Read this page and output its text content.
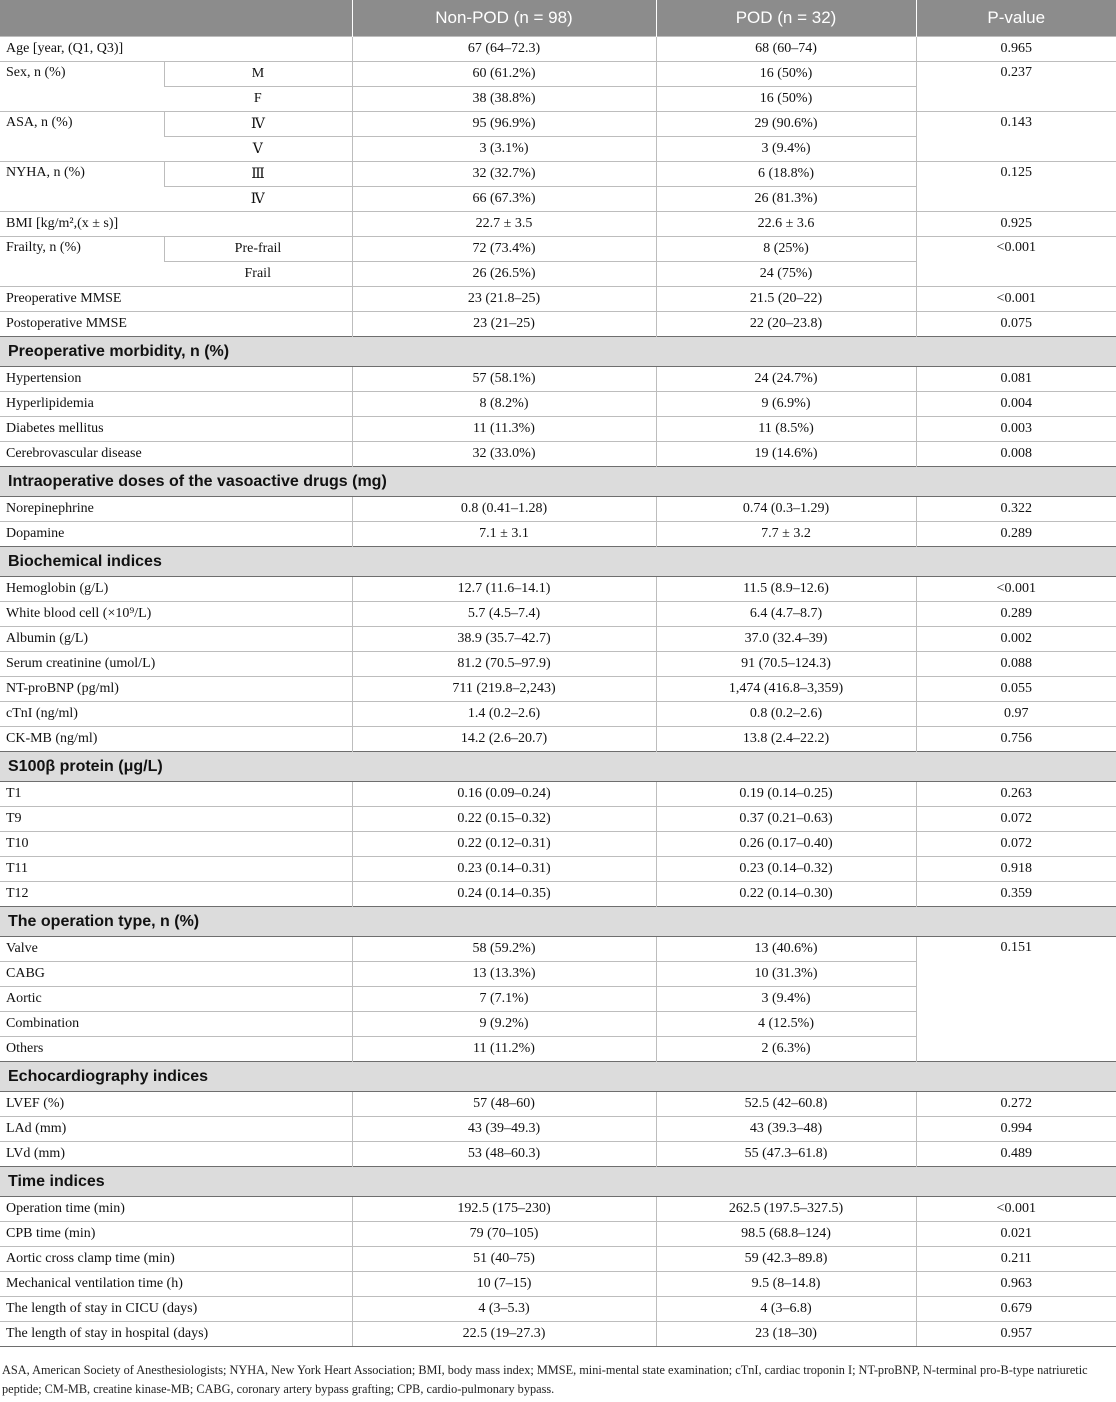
		Non-POD (n = 98)	POD (n = 32)	P-value
Age [year, (Q1, Q3)]		67 (64–72.3)	68 (60–74)	0.965
Sex, n (%)	M	60 (61.2%)	16 (50%)	0.237
	F	38 (38.8%)	16 (50%)	
ASA, n (%)	Ⅳ	95 (96.9%)	29 (90.6%)	0.143
	Ⅴ	3 (3.1%)	3 (9.4%)	
NYHA, n (%)	Ⅲ	32 (32.7%)	6 (18.8%)	0.125
	Ⅳ	66 (67.3%)	26 (81.3%)	
BMI [kg/m²,(x ± s)]		22.7 ± 3.5	22.6 ± 3.6	0.925
Frailty, n (%)	Pre-frail	72 (73.4%)	8 (25%)	<0.001
	Frail	26 (26.5%)	24 (75%)	
Preoperative MMSE		23 (21.8–25)	21.5 (20–22)	<0.001
Postoperative MMSE		23 (21–25)	22 (20–23.8)	0.075
Preoperative morbidity, n (%)				
Hypertension		57 (58.1%)	24 (24.7%)	0.081
Hyperlipidemia		8 (8.2%)	9 (6.9%)	0.004
Diabetes mellitus		11 (11.3%)	11 (8.5%)	0.003
Cerebrovascular disease		32 (33.0%)	19 (14.6%)	0.008
Intraoperative doses of the vasoactive drugs (mg)				
Norepinephrine		0.8 (0.41–1.28)	0.74 (0.3–1.29)	0.322
Dopamine		7.1 ± 3.1	7.7 ± 3.2	0.289
Biochemical indices				
Hemoglobin (g/L)		12.7 (11.6–14.1)	11.5 (8.9–12.6)	<0.001
White blood cell (×10⁹/L)		5.7 (4.5–7.4)	6.4 (4.7–8.7)	0.289
Albumin (g/L)		38.9 (35.7–42.7)	37.0 (32.4–39)	0.002
Serum creatinine (umol/L)		81.2 (70.5–97.9)	91 (70.5–124.3)	0.088
NT-proBNP (pg/ml)		711 (219.8–2,243)	1,474 (416.8–3,359)	0.055
cTnI (ng/ml)		1.4 (0.2–2.6)	0.8 (0.2–2.6)	0.97
CK-MB (ng/ml)		14.2 (2.6–20.7)	13.8 (2.4–22.2)	0.756
S100β protein (μg/L)				
T1		0.16 (0.09–0.24)	0.19 (0.14–0.25)	0.263
T9		0.22 (0.15–0.32)	0.37 (0.21–0.63)	0.072
T10		0.22 (0.12–0.31)	0.26 (0.17–0.40)	0.072
T11		0.23 (0.14–0.31)	0.23 (0.14–0.32)	0.918
T12		0.24 (0.14–0.35)	0.22 (0.14–0.30)	0.359
The operation type, n (%)				
Valve		58 (59.2%)	13 (40.6%)	0.151
CABG		13 (13.3%)	10 (31.3%)	
Aortic		7 (7.1%)	3 (9.4%)	
Combination		9 (9.2%)	4 (12.5%)	
Others		11 (11.2%)	2 (6.3%)	
Echocardiography indices				
LVEF (%)		57 (48–60)	52.5 (42–60.8)	0.272
LAd (mm)		43 (39–49.3)	43 (39.3–48)	0.994
LVd (mm)		53 (48–60.3)	55 (47.3–61.8)	0.489
Time indices				
Operation time (min)		192.5 (175–230)	262.5 (197.5–327.5)	<0.001
CPB time (min)		79 (70–105)	98.5 (68.8–124)	0.021
Aortic cross clamp time (min)		51 (40–75)	59 (42.3–89.8)	0.211
Mechanical ventilation time (h)		10 (7–15)	9.5 (8–14.8)	0.963
The length of stay in CICU (days)		4 (3–5.3)	4 (3–6.8)	0.679
The length of stay in hospital (days)		22.5 (19–27.3)	23 (18–30)	0.957
ASA, American Society of Anesthesiologists; NYHA, New York Heart Association; BMI, body mass index; MMSE, mini-mental state examination; cTnI, cardiac troponin I; NT-proBNP, N-terminal pro-B-type natriuretic peptide; CM-MB, creatine kinase-MB; CABG, coronary artery bypass grafting; CPB, cardio-pulmonary bypass.
